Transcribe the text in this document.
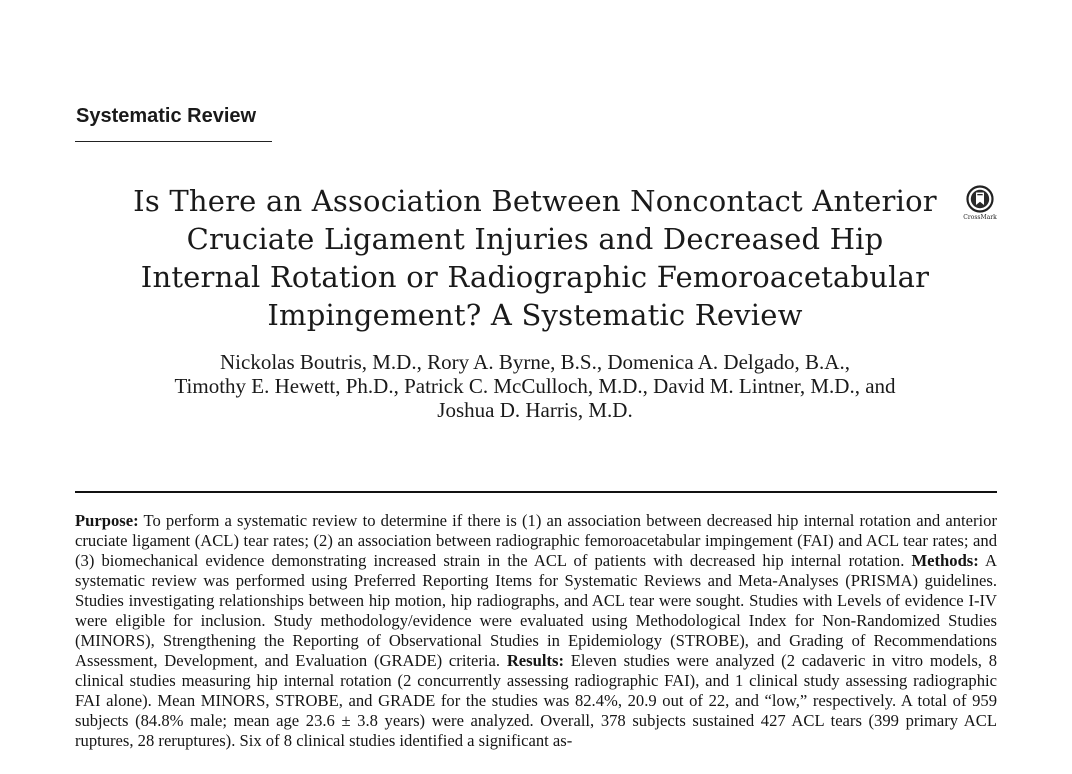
Systematic Review
Is There an Association Between Noncontact Anterior
Cruciate Ligament Injuries and Decreased Hip
Internal Rotation or Radiographic Femoroacetabular
Impingement? A Systematic Review
CrossMark

Nickolas Boutris, M.D., Rory A. Byrne, B.S., Domenica A. Delgado, B.A.,
Timothy E. Hewett, Ph.D., Patrick C. McCulloch, M.D., David M. Lintner, M.D., and
Joshua D. Harris, M.D.

Purpose: To perform a systematic review to determine if there is (1) an association between decreased hip internal rotation and anterior cruciate ligament (ACL) tear rates; (2) an association between radiographic femoroacetabular impingement (FAI) and ACL tear rates; and (3) biomechanical evidence demonstrating increased strain in the ACL of patients with decreased hip internal rotation. Methods: A systematic review was performed using Preferred Reporting Items for Systematic Reviews and Meta-Analyses (PRISMA) guidelines. Studies investigating relationships between hip motion, hip radiographs, and ACL tear were sought. Studies with Levels of evidence I-IV were eligible for inclusion. Study methodology/evidence were evaluated using Methodological Index for Non-Randomized Studies (MINORS), Strengthening the Reporting of Observational Studies in Epidemiology (STROBE), and Grading of Recommendations Assessment, Development, and Evaluation (GRADE) criteria. Results: Eleven studies were analyzed (2 cadaveric in vitro models, 8 clinical studies measuring hip internal rotation (2 concurrently assessing radiographic FAI), and 1 clinical study assessing radiographic FAI alone). Mean MINORS, STROBE, and GRADE for the studies was 82.4%, 20.9 out of 22, and “low,” respectively. A total of 959 subjects (84.8% male; mean age 23.6 ± 3.8 years) were analyzed. Overall, 378 subjects sustained 427 ACL tears (399 primary ACL ruptures, 28 reruptures). Six of 8 clinical studies identified a significant as-
